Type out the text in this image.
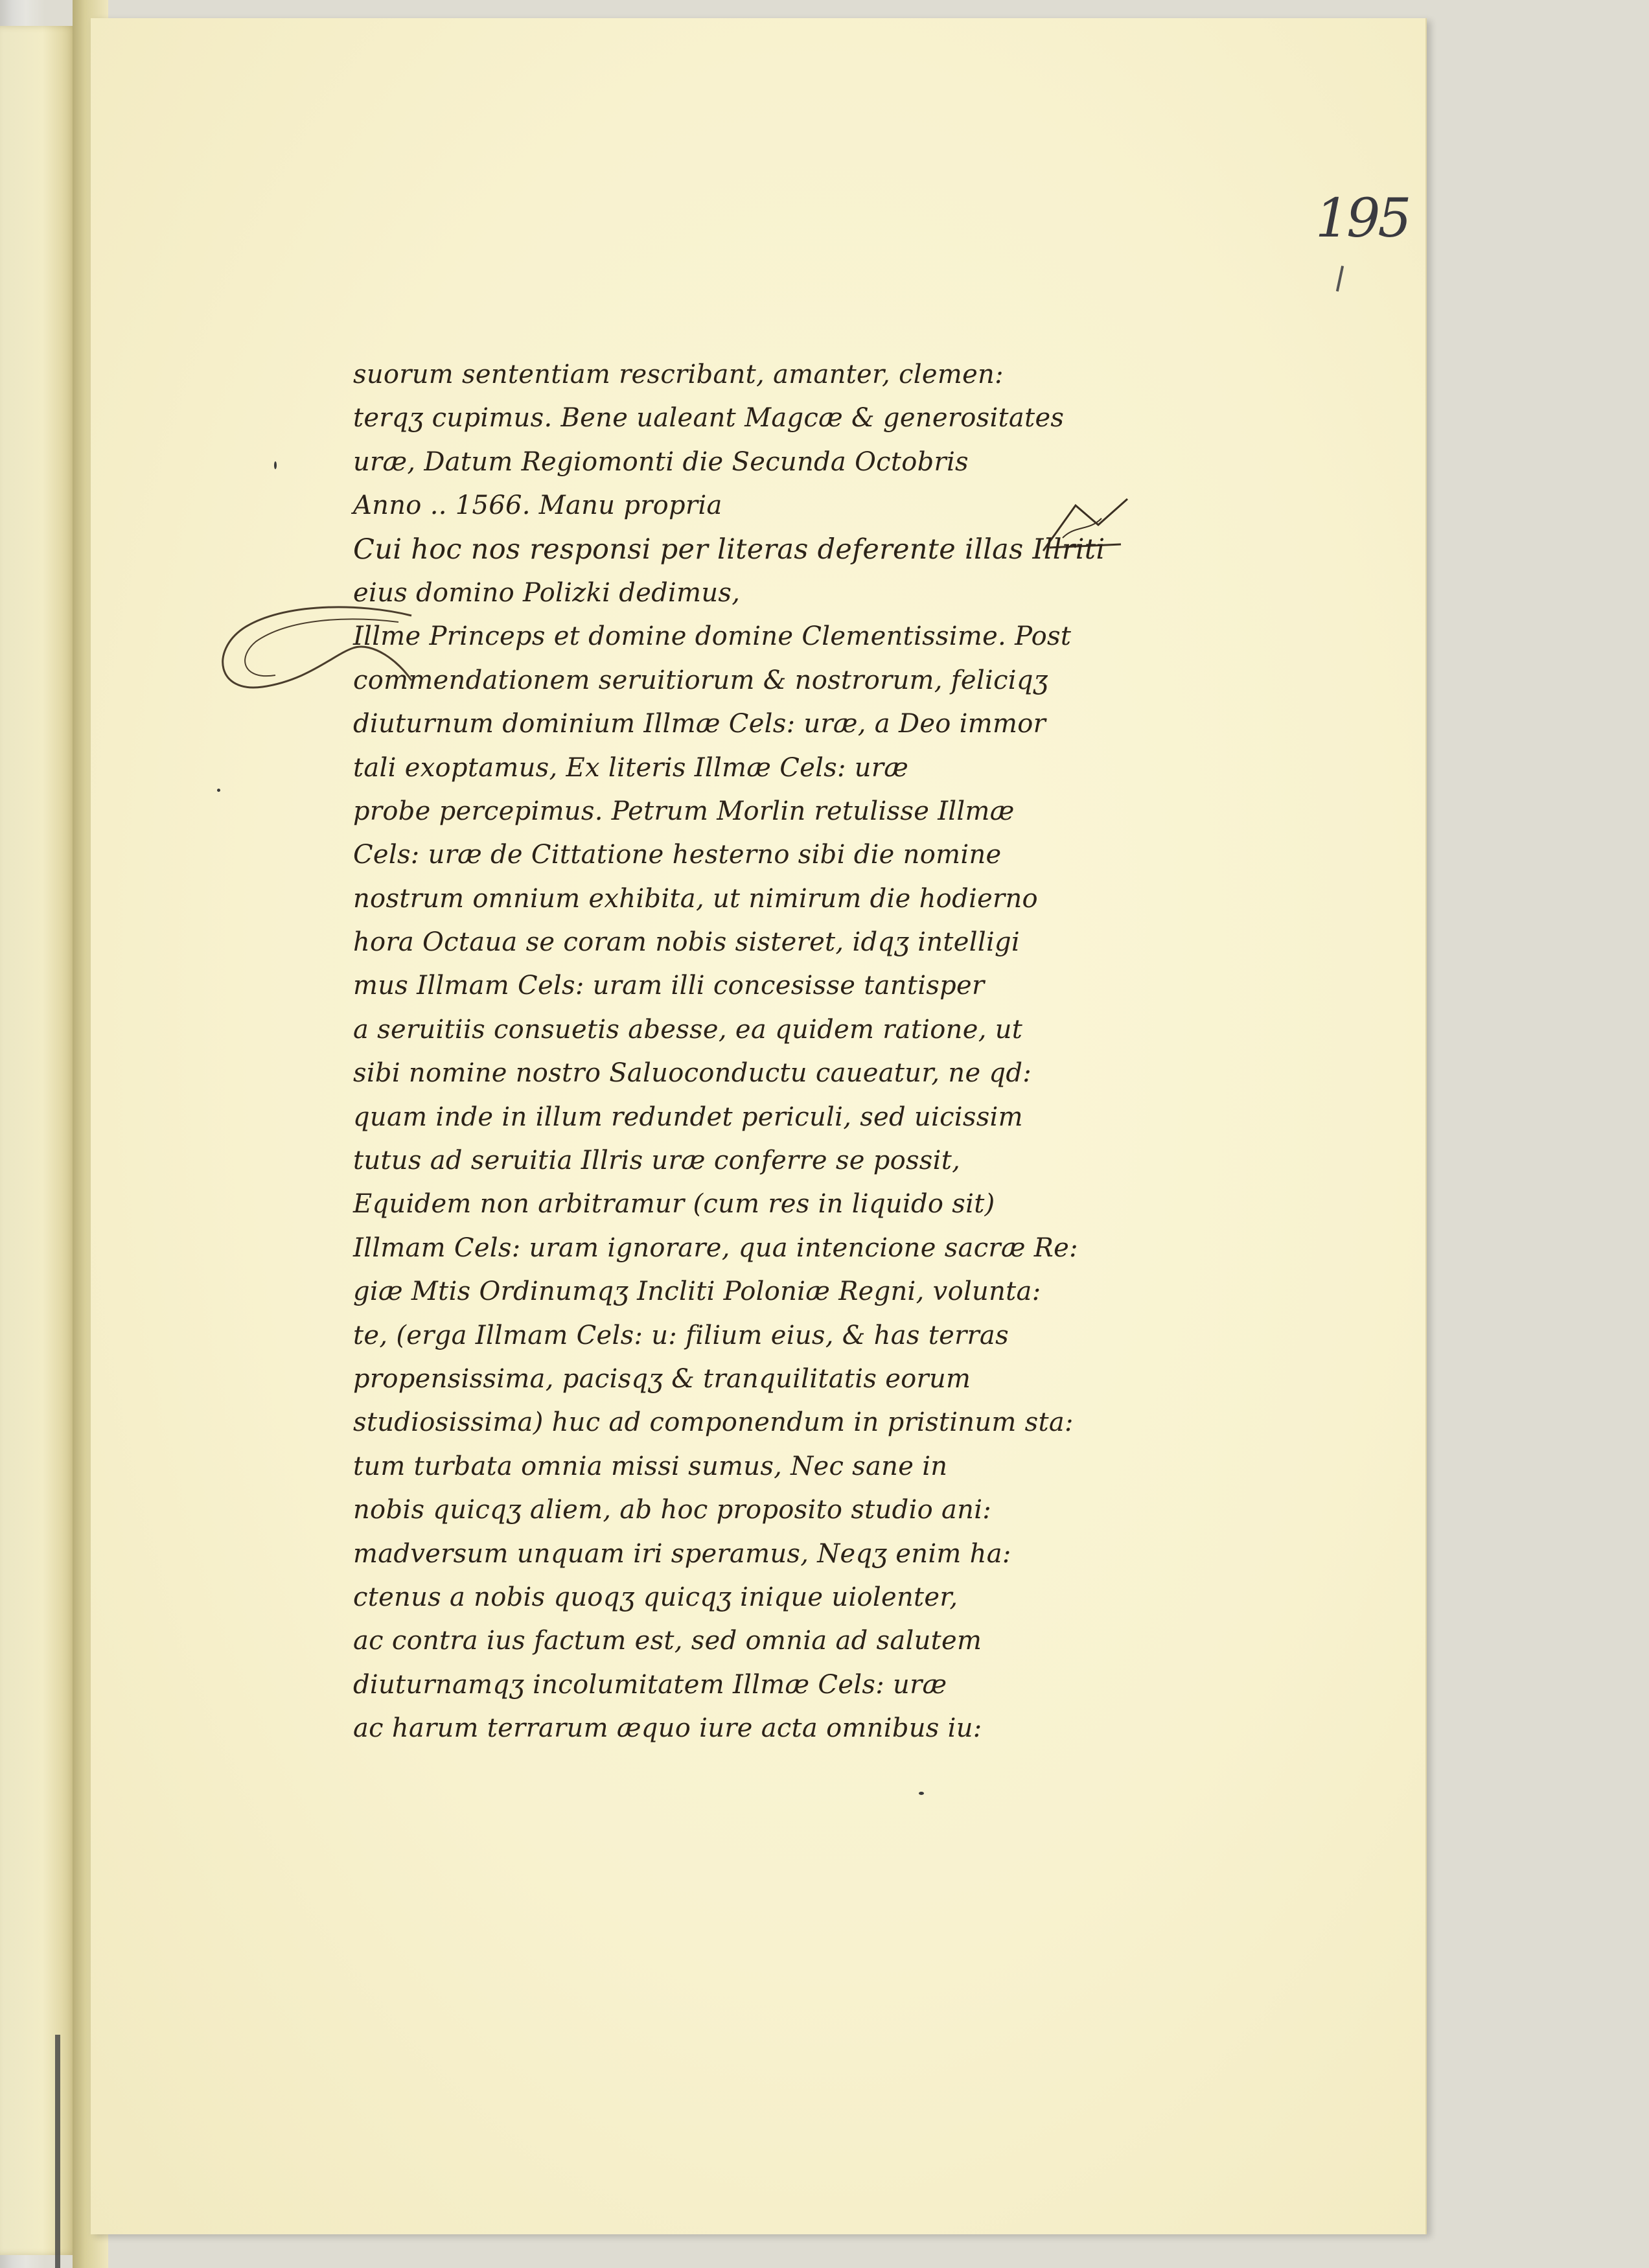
195
suorum sententiam rescribant, amanter, clemen:
terqʒ cupimus. Bene ualeant Magcæ & generositates
uræ, Datum Regiomonti die Secunda Octobris
Anno .. 1566. Manu propria
Cui hoc nos responsi per literas deferente illas Illriti
eius domino Polizki dedimus,
Illme Princeps et domine domine Clementissime. Post
commendationem seruitiorum & nostrorum, feliciqʒ
diuturnum dominium Illmæ Cels: uræ, a Deo immor
tali exoptamus, Ex literis Illmæ Cels: uræ
probe percepimus. Petrum Morlin retulisse Illmæ
Cels: uræ de Cittatione hesterno sibi die nomine
nostrum omnium exhibita, ut nimirum die hodierno
hora Octaua se coram nobis sisteret, idqʒ intelligi
mus Illmam Cels: uram illi concesisse tantisper
a seruitiis consuetis abesse, ea quidem ratione, ut
sibi nomine nostro Saluoconductu caueatur, ne qd:
quam inde in illum redundet periculi, sed uicissim
tutus ad seruitia Illris uræ conferre se possit,
Equidem non arbitramur (cum res in liquido sit)
Illmam Cels: uram ignorare, qua intencione sacræ Re:
giæ Mtis Ordinumqʒ Incliti Poloniæ Regni, volunta:
te, (erga Illmam Cels: u: filium eius, & has terras
propensissima, pacisqʒ & tranquilitatis eorum
studiosissima) huc ad componendum in pristinum sta:
tum turbata omnia missi sumus, Nec sane in
nobis quicqʒ aliem, ab hoc proposito studio ani:
madversum unquam iri speramus, Neqʒ enim ha:
ctenus a nobis quoqʒ quicqʒ inique uiolenter,
ac contra ius factum est, sed omnia ad salutem
diuturnamqʒ incolumitatem Illmæ Cels: uræ
ac harum terrarum æquo iure acta omnibus iu:
